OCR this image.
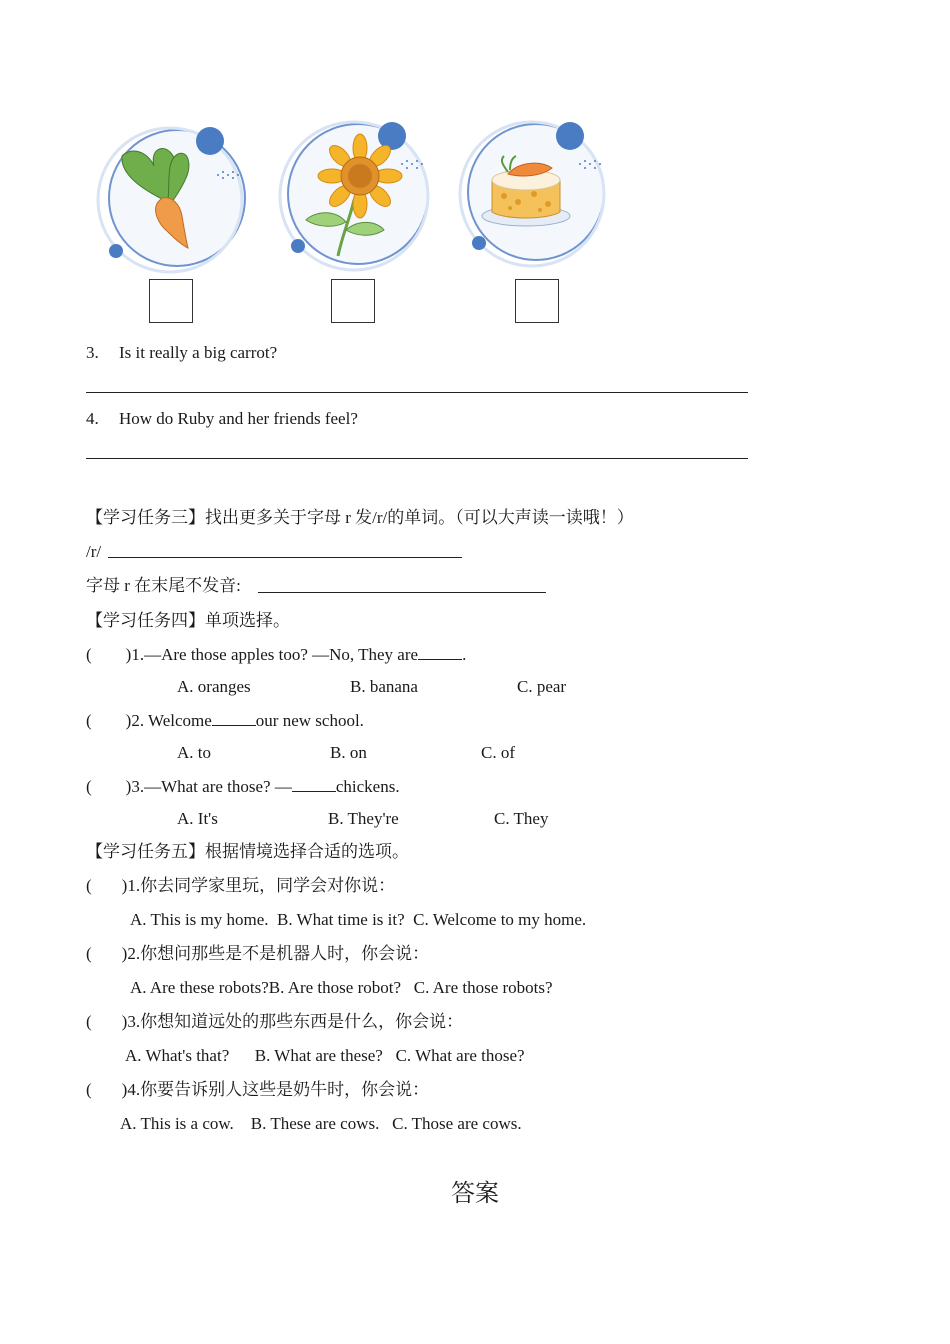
3. Is it really a big carrot?
4. How do Ruby and her friends feel?
【学习任务三】找出更多关于字母 r 发/r/的单词。（可以大声读一读哦！）
/r/
字母 r 在末尾不发音:
【学习任务四】单项选择。
( )1.—Are those apples too? —No, They are	.
A. oranges	B. banana	C. pear
( )2. Welcome	our new school.
A. to	B. on	C. of
( )3.—What are those? —	chickens.
A. It's	B. They're	C. They
【学习任务五】根据情境选择合适的选项。
( )1.你去同学家里玩，同学会对你说：
A. This is my home.  B. What time is it?  C. Welcome to my home.
( )2.你想问那些是不是机器人时，你会说：
A. Are these robots?B. Are those robot?   C. Are those robots?
( )3.你想知道远处的那些东西是什么，你会说：
A. What's that?      B. What are these?   C. What are those?
( )4.你要告诉别人这些是奶牛时，你会说：
A. This is a cow.    B. These are cows.   C. Those are cows.
答案
